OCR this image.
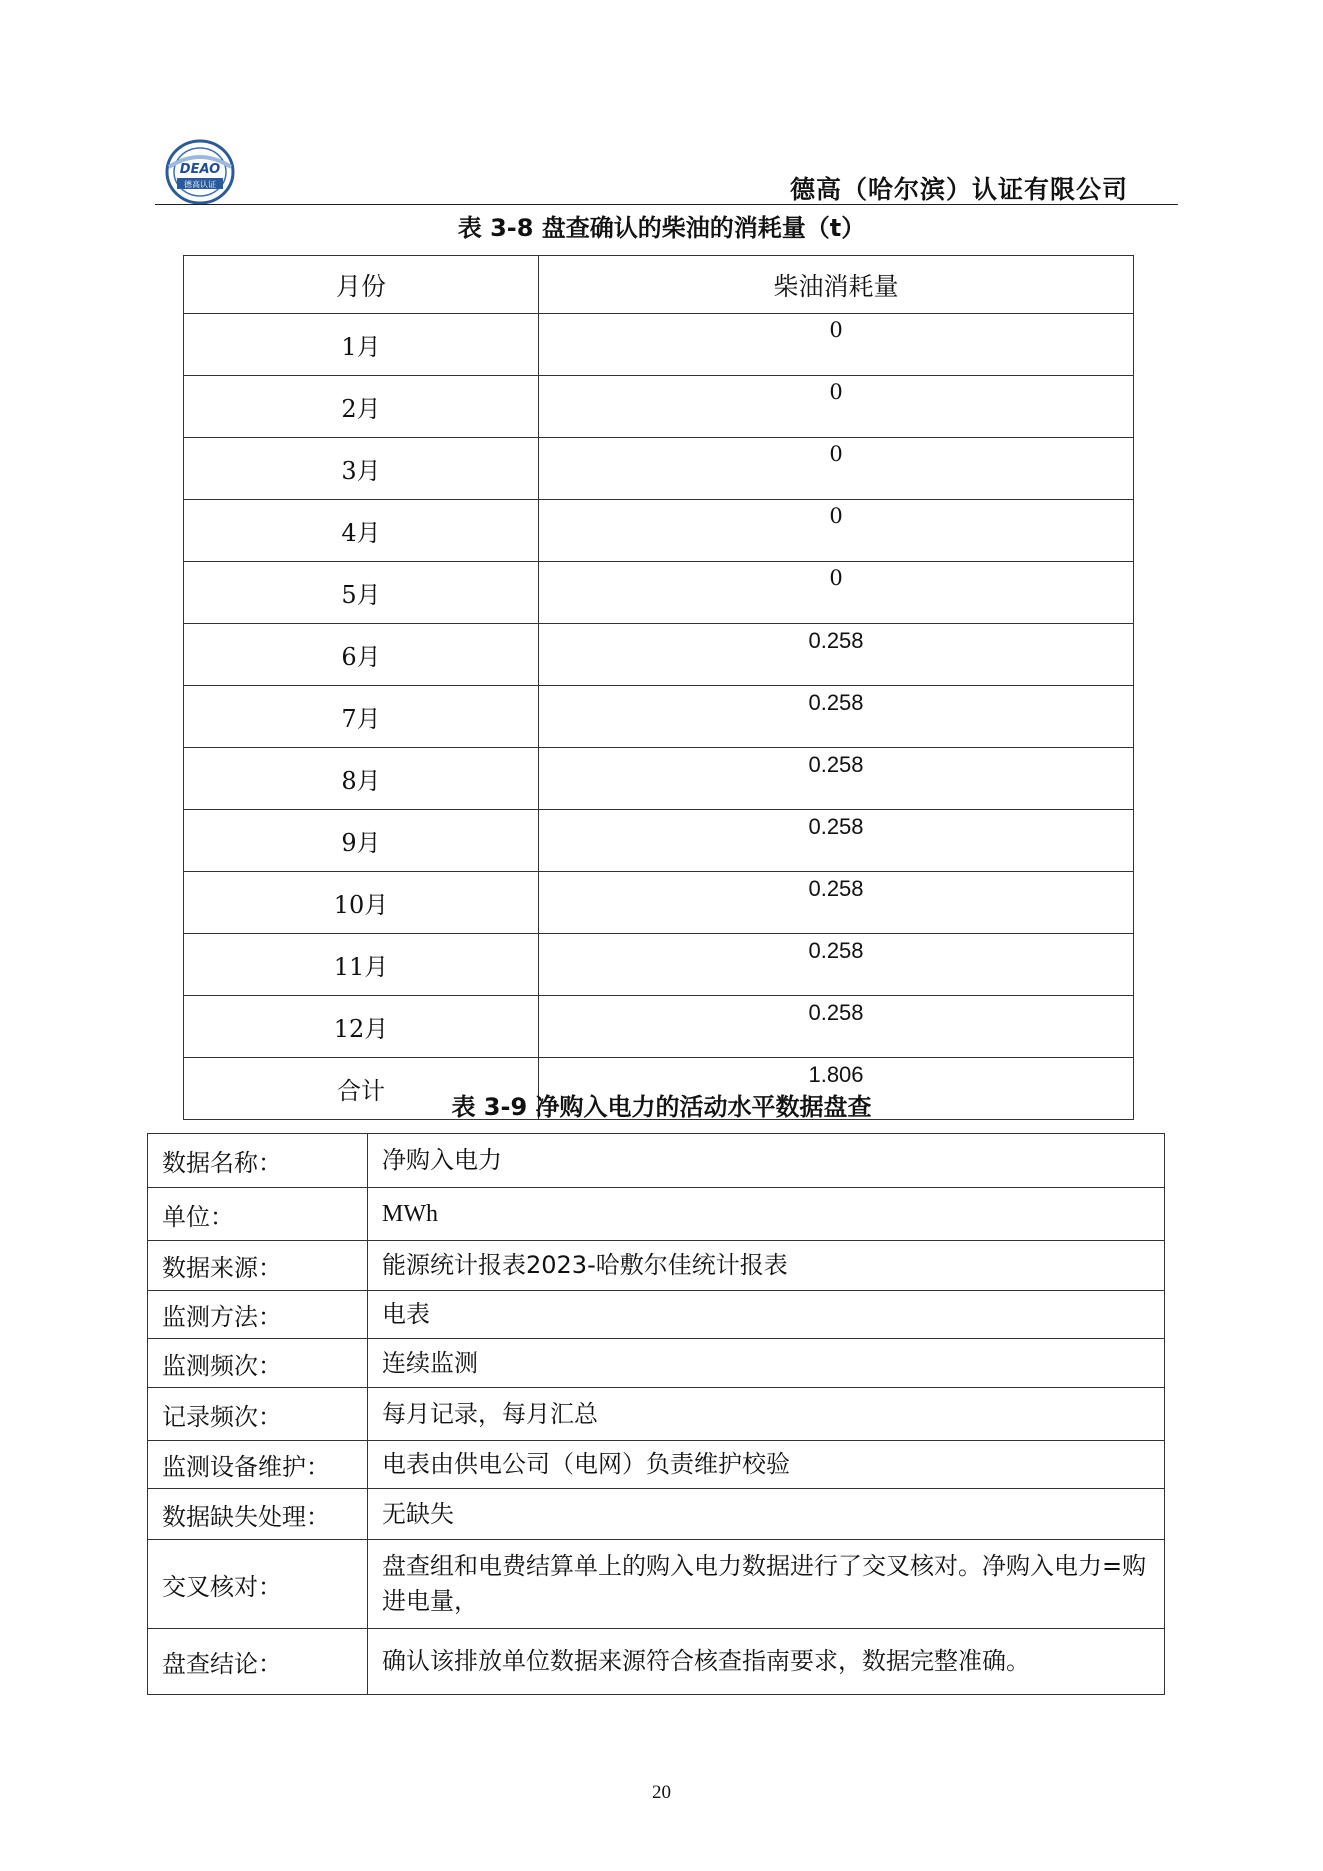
DEAO
德高认证	德高（哈尔滨）认证有限公司
表 3-8 盘查确认的柴油的消耗量（t）
月份	柴油消耗量
1月	0
2月	0
3月	0
4月	0
5月	0
6月	0.258
7月	0.258
8月	0.258
9月	0.258
10月	0.258
11月	0.258
12月	0.258
合计	1.806
表 3-9 净购入电力的活动水平数据盘查
数据名称：	净购入电力
单位：	MWh
数据来源：	能源统计报表2023-哈敷尔佳统计报表
监测方法：	电表
监测频次：	连续监测
记录频次：	每月记录，每月汇总
监测设备维护：	电表由供电公司（电网）负责维护校验
数据缺失处理：	无缺失
交叉核对：	盘查组和电费结算单上的购入电力数据进行了交叉核对。净购入电力=购进电量，
盘查结论：	确认该排放单位数据来源符合核查指南要求，数据完整准确。
20
